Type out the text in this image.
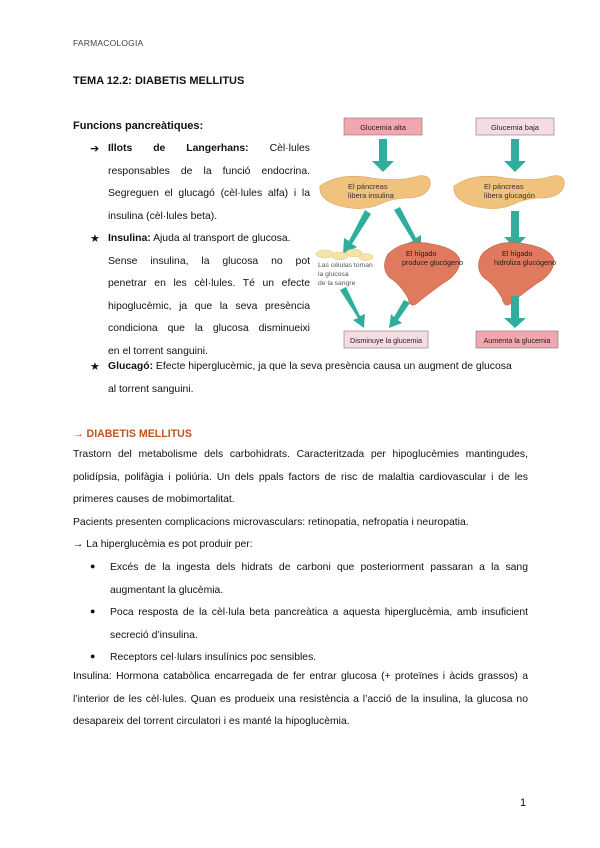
FARMACOLOGIA
TEMA 12.2: DIABETIS MELLITUS
Funcions pancreàtiques:
➔ Illots de Langerhans: Cèl·lules

responsables de la funció endocrina.

Segreguen el glucagó (cèl·lules alfa) i la

insulina (cèl·lules beta).

★ Insulina: Ajuda al transport de glucosa.

Sense insulina, la glucosa no pot

penetrar en les cèl·lules. Té un efecte

hipoglucèmic, ja que la seva presència

condiciona que la glucosa disminueixi

en el torrent sanguini.

★ Glucagó: Efecte hiperglucèmic, ja que la seva presència causa un augment de glucosa

al torrent sanguini.

Glucemia alta	Glucemia baja
El páncreas
libera insulina
El páncreas
libera glucagón
Las células toman
la glucosa
de la sangre
El hígado
produce glucógeno
El hígado
hidroliza glucógeno
Disminuye la glucemia	Aumenta la glucemia
→ DIABETIS MELLITUS

Trastorn del metabolisme dels carbohidrats. Caracteritzada per hipoglucèmies mantingudes, polidípsia, polifàgia i poliúria. Un dels ppals factors de risc de malaltia cardiovascular i de les primeres causes de mobimortalitat.

Pacients presenten complicacions microvasculars: retinopatia, nefropatia i neuropatia.

→ La hiperglucèmia es pot produir per:

● Excés de la ingesta dels hidrats de carboni que posteriorment passaran a la sang augmentant la glucèmia.

● Poca resposta de la cèl·lula beta pancreàtica a aquesta hiperglucèmia, amb insuficient secreció d’insulina.

● Receptors cel·lulars insulínics poc sensibles.

Insulina: Hormona catabòlica encarregada de fer entrar glucosa (+ proteïnes i àcids grassos) a l’interior de les cèl·lules. Quan es produeix una resistència a l’acció de la insulina, la glucosa no desapareix del torrent circulatori i es manté la hipoglucèmia.

1
